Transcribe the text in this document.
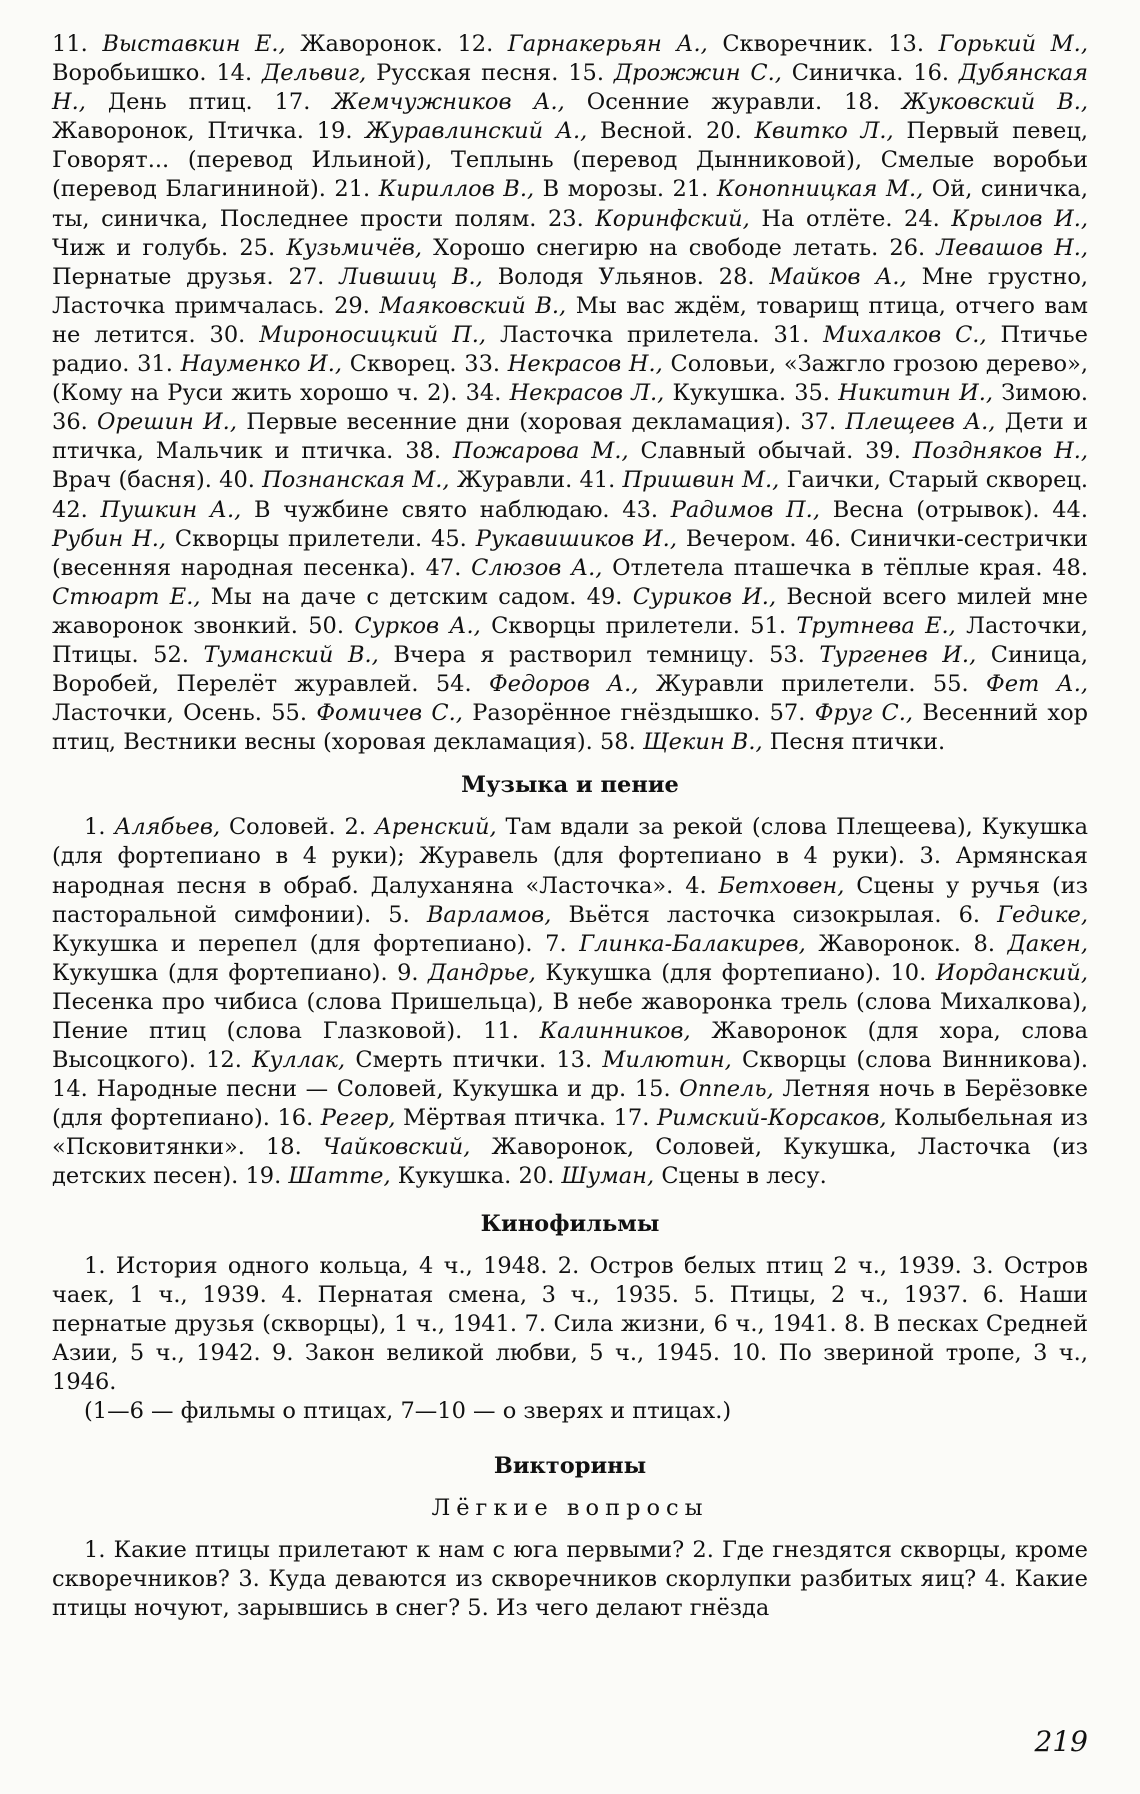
11. Выставкин Е., Жаворонок. 12. Гарнакерьян А., Скворечник. 13. Горький М., Воробьишко. 14. Дельвиг, Русская песня. 15. Дрожжин С., Синичка. 16. Дубянская Н., День птиц. 17. Жемчужников А., Осенние журавли. 18. Жуковский В., Жаворонок, Птичка. 19. Журавлинский А., Весной. 20. Квитко Л., Первый певец, Говорят... (перевод Ильиной), Теплынь (перевод Дынниковой), Смелые воробьи (перевод Благининой). 21. Кириллов В., В морозы. 21. Конопницкая М., Ой, синичка, ты, синичка, Последнее прости полям. 23. Коринфский, На отлёте. 24. Крылов И., Чиж и голубь. 25. Кузьмичёв, Хорошо снегирю на свободе летать. 26. Левашов Н., Пернатые друзья. 27. Лившиц В., Володя Ульянов. 28. Майков А., Мне грустно, Ласточка примчалась. 29. Маяковский В., Мы вас ждём, товарищ птица, отчего вам не летится. 30. Мироносицкий П., Ласточка прилетела. 31. Михалков С., Птичье радио. 31. Науменко И., Скворец. 33. Некрасов Н., Соловьи, «Зажгло грозою дерево», (Кому на Руси жить хорошо ч. 2). 34. Некрасов Л., Кукушка. 35. Никитин И., Зимою. 36. Орешин И., Первые весенние дни (хоровая декламация). 37. Плещеев А., Дети и птичка, Мальчик и птичка. 38. Пожарова М., Славный обычай. 39. Позднякoв Н., Врач (басня). 40. Познанская М., Журавли. 41. Пришвин М., Гаички, Старый скворец. 42. Пушкин А., В чужбине свято наблюдаю. 43. Радимов П., Весна (отрывок). 44. Рубин Н., Скворцы прилетели. 45. Рукавишиков И., Вечером. 46. Синички-сестрички (весенняя народная песенка). 47. Слюзов А., Отлетела пташечка в тёплые края. 48. Стюарт Е., Мы на даче с детским садом. 49. Суриков И., Весной всего милей мне жаворонок звонкий. 50. Сурков А., Скворцы прилетели. 51. Трутнева Е., Ласточки, Птицы. 52. Туманский В., Вчера я растворил темницу. 53. Тургенев И., Синица, Воробей, Перелёт журавлей. 54. Федоров А., Журавли прилетели. 55. Фет А., Ласточки, Осень. 55. Фомичев С., Разорённое гнёздышко. 57. Фруг С., Весенний хор птиц, Вестники весны (хоровая декламация). 58. Щекин В., Песня птички.

Музыка и пение

1. Алябьев, Соловей. 2. Аренский, Там вдали за рекой (слова Плещеева), Кукушка (для фортепиано в 4 руки); Журавель (для фортепиано в 4 руки). 3. Армянская народная песня в обраб. Далуханяна «Ласточка». 4. Бетховен, Сцены у ручья (из пасторальной симфонии). 5. Варламов, Вьётся ласточка сизокрылая. 6. Гедике, Кукушка и перепел (для фортепиано). 7. Глинка-Балакирев, Жаворонок. 8. Дакен, Кукушка (для фортепиано). 9. Дандрье, Кукушка (для фортепиано). 10. Иорданский, Песенка про чибиса (слова Пришельца), В небе жаворонка трель (слова Михалкова), Пение птиц (слова Глазковой). 11. Калинников, Жаворонок (для хора, слова Высоцкого). 12. Куллак, Смерть птички. 13. Милютин, Скворцы (слова Винникова). 14. Народные песни — Соловей, Кукушка и др. 15. Оппель, Летняя ночь в Берёзовке (для фортепиано). 16. Регер, Мёртвая птичка. 17. Римский-Корсаков, Колыбельная из «Псковитянки». 18. Чайковский, Жаворонок, Соловей, Кукушка, Ласточка (из детских песен). 19. Шатте, Кукушка. 20. Шуман, Сцены в лесу.

Кинофильмы

1. История одного кольца, 4 ч., 1948. 2. Остров белых птиц 2 ч., 1939. 3. Остров чаек, 1 ч., 1939. 4. Пернатая смена, 3 ч., 1935. 5. Птицы, 2 ч., 1937. 6. Наши пернатые друзья (скворцы), 1 ч., 1941. 7. Сила жизни, 6 ч., 1941. 8. В песках Средней Азии, 5 ч., 1942. 9. Закон великой любви, 5 ч., 1945. 10. По звериной тропе, 3 ч., 1946.

(1—6 — фильмы о птицах, 7—10 — о зверях и птицах.)

Викторины
Лёгкие вопросы

1. Какие птицы прилетают к нам с юга первыми? 2. Где гнездятся скворцы, кроме скворечников? 3. Куда деваются из скворечников скорлупки разбитых яиц? 4. Какие птицы ночуют, зарывшись в снег? 5. Из чего делают гнёзда

219
